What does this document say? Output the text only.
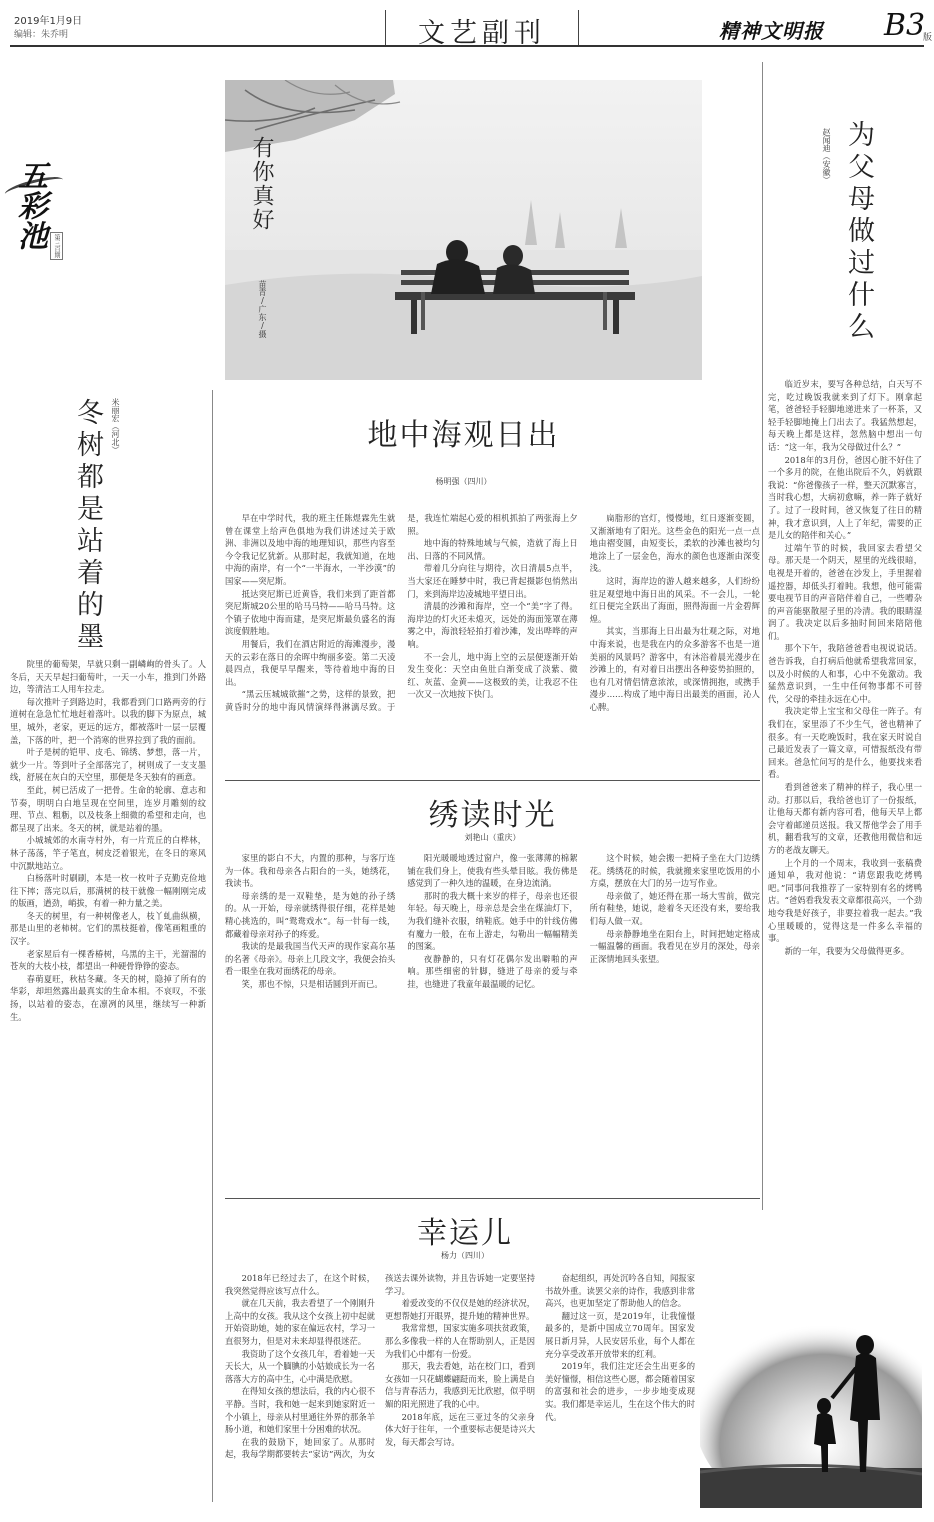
2019年1月9日
编辑：朱乔明	文艺副刊	精神文明报 B3
版
五彩池	第三百期
有你真好
苗青/广东/摄	为父母做过什么
赵闻迪（安徽）

临近岁末，要写各种总结，白天写不完，吃过晚饭我就来到了灯下。刚拿起笔，爸爸轻手轻脚地递进来了一杯茶，又轻手轻脚地掩上门出去了。我猛然想起，每天晚上都是这样，忽然脑中想出一句话：“这一年，我为父母做过什么？”

2018年的3月份，爸因心脏不好住了一个多月的院，在他出院后不久，妈就跟我说：“你爸像孩子一样，整天沉默寡言，当时我心想，大病初愈嘛，养一阵子就好了。过了一段时间，爸又恢复了往日的精神，我才意识到，人上了年纪，需要的正是儿女的陪伴和关心。”

过端午节的时候，我回家去看望父母。那天是一个阴天，屋里的光线很暗，电视是开着的，爸爸在沙发上，手里握着遥控器，却低头打着盹。我想，他可能需要电视节目的声音陪伴着自己，一些嘈杂的声音能驱散屋子里的冷清。我的眼睛湿润了。我决定以后多抽时间回来陪陪他们。

那个下午，我陪爸爸看电视说说话。爸告诉我，自打病后他就希望我常回家，以及小时候的人和事，心中不免激动。我猛然意识到，一生中任何物事都不可替代，父母的牵挂永远在心中。

我决定带上宝宝和父母住一阵子。有我们在，家里添了不少生气，爸也精神了很多。有一天吃晚饭时，我在家天时说自己最近发表了一篇文章，可惜报纸没有带回来。爸急忙问写的是什么，他要找来看看。

看到爸爸来了精神的样子，我心里一动。打那以后，我给爸也订了一份报纸，让他每天都有新内容可看，他每天早上都会守着邮递员送报。我又帮他学会了用手机，翻看我写的文章，还教他用微信和远方的老战友聊天。

上个月的一个周末，我收到一张稿费通知单，我对他说：“请您跟我吃烤鸭吧。”同事问我推荐了一家特别有名的烤鸭店。“爸妈看我发表文章都很高兴，一个劲地夸我是好孩子，非要拉着我一起去。”我心里暖暖的，觉得这是一件多么幸福的事。

新的一年，我要为父母做得更多。

冬树都是站着的墨 米丽宏（河北）

院里的葡萄架，早就只剩一副嶙峋的骨头了。人冬后，天天早起扫葡萄叶，一天一小车，推到门外路边，等清洁工人用车拉走。

每次推叶子到路边时，我都看到门口路两旁的行道树在急急忙忙地赶着落叶。以我的脚下为原点，城里，城外，老家，更远的远方，都被落叶一层一层覆盖，下落的叶，把一个消寒的世界拉到了我的面前。

叶子是树的铠甲、皮毛、锦绣、梦想，落一片，就少一片。等到叶子全部落完了，树则成了一支支墨线，舒展在灰白的天空里，那便是冬天独有的画意。

至此，树已活成了一把骨。生命的轮廓、意志和节奏，明明白白地呈现在空间里，连岁月雕刻的纹理、节点、粗粝，以及枝条上细微的希望和走向，也都呈现了出来。冬天的树，就是站着的墨。

小城城郊的水南寺村外，有一片荒丘的白桦林，林子荡荡，竿子笔直，树皮泛着银光，在冬日的寒风中沉默地站立。

白杨落叶时刷刷，本是一枚一枚叶子克勤克俭地往下摔；落完以后，那满树的枝干就像一幅刚刚完成的版画，遒劲，峭拔，有着一种力量之美。

冬天的树里，有一种树像老人，枝丫虬曲纵横，那是山里的老柿树。它们的黑枝挺着，像笔画粗重的汉字。

老家屋后有一棵香椿树，乌黑的主干，光溜溜的苍灰的大枝小枝，都望出一种硬骨铮铮的姿态。

春萌夏旺，秋枯冬藏。冬天的树，隐掉了所有的华彩，却坦然露出最真实的生命本相。不哀叹，不张扬，以站着的姿态，在凛冽的风里，继续写一种新生。

地中海观日出
杨明强（四川）

早在中学时代，我的班主任陈煜霖先生就曾在课堂上给声色俱地为我们讲述过关于欧洲、非洲以及地中海的地理知识，那些内容至今令我记忆犹新。从那时起，我就知道，在地中海的南岸，有一个“一半海水，一半沙漠”的国家——突尼斯。

抵达突尼斯已近黄昏，我们来到了距首都突尼斯城20公里的哈马马特——哈马马特。这个镇子依地中海而建，是突尼斯最负盛名的海滨度假胜地。

用餐后，我们在酒店附近的海滩漫步，漫天的云彩在落日的余晖中绚丽多姿。第二天凌晨四点，我便早早醒来，等待着地中海的日出。

“黑云压城城欲摧”之势，这样的景致，把黄昏时分的地中海风情演绎得淋漓尽致。于是，我连忙端起心爱的相机抓拍了两张海上夕照。

地中海的特殊地域与气候，造就了海上日出、日落的不同风情。

带着几分向往与期待，次日清晨5点半，当大家还在睡梦中时，我已背起摄影包悄然出门，来到海岸边凌城地平望日出。

清晨的沙滩和海岸，空一个“美”字了得。海岸边的灯火还未熄灭，远处的海面笼罩在薄雾之中，海浪轻轻拍打着沙滩，发出哗哗的声响。

不一会儿，地中海上空的云层便逐渐开始发生变化：天空由鱼肚白渐变成了淡紫、微红、灰蓝、金黄——这极致的美，让我忍不住一次又一次地按下快门。

扁脂形的宫灯，慢慢地，红日逐渐变圆，又渐渐地有了阳光。这些金色的阳光一点一点地由褶变圆，由短变长，柔软的沙滩也被均匀地涂上了一层金色，海水的颜色也逐渐由深变浅。

这时，海岸边的游人越来越多，人们纷纷驻足观望地中海日出的风采。不一会儿，一轮红日便完全跃出了海面，照得海面一片金碧辉煌。

其实，当那海上日出最为壮观之际，对地中海来说，也是我在内的众多游客不也是一道美丽的风景吗？游客中，有沐浴着晨光漫步在沙滩上的，有对着日出摆出各种姿势拍照的，也有几对情侣情意浓浓，或深情拥抱，或携手漫步……构成了地中海日出最美的画面，沁人心脾。

绣读时光
刘艳山（重庆）

家里的影白不大，内置的那种，与客厅连为一体。我和母亲各占阳台的一头，她绣花，我读书。

母亲绣的是一双鞋垫，是为她的孙子绣的。从一开始，母亲就绣得很仔细，花样是她精心挑选的，叫“鸳鸯戏水”。每一针每一线，都藏着母亲对孙子的疼爱。

我读的是最我国当代天声的现作家高尔基的名著《母亲》。母亲上几段文字，我便会抬头看一眼坐在我对面绣花的母亲。

笑，那也不惊，只是相话圆到开而已。

阳光暖暖地透过窗户，像一张薄薄的棉絮铺在我们身上，使我有些头晕目眩。我仿佛是感觉到了一种久违的温暖，在身边流淌。

那时的我大概十来岁的样子，母亲也还很年轻。每天晚上，母亲总是会坐在煤油灯下，为我们缝补衣服，纳鞋底。她手中的针线仿佛有魔力一般，在布上游走，勾勒出一幅幅精美的图案。

夜静静的，只有灯花偶尔发出噼啪的声响。那些细密的针脚，缝进了母亲的爱与牵挂，也缝进了我童年最温暖的记忆。

这个时候，她会搬一把椅子坐在大门边绣花。绣绣花的时候，我就搬来家里吃饭用的小方桌，摆放在大门的另一边写作业。

母亲做了，她还得在那一场大雪前，做完所有鞋垫，她说，趁着冬天还没有来，要给我们每人做一双。

母亲静静地坐在阳台上，时间把她定格成一幅温馨的画面。我看见在岁月的深处，母亲正深情地回头张望。

幸运儿
杨力（四川）

2018年已经过去了，在这个时候，我突然觉得应该写点什么。

就在几天前，我去看望了一个刚刚升上高中的女孩。我从这个女孩上初中起就开始资助她，她的家在偏远农村，学习一直很努力，但是对未来却显得很迷茫。

我资助了这个女孩几年，看着她一天天长大，从一个腼腆的小姑娘成长为一名落落大方的高中生，心中满是欣慰。

在得知女孩的想法后，我的内心很不平静。当时，我和她一起来到她家附近一个小镇上，母亲从村里通往外界的那条羊肠小道，和她们家里十分困难的状况。

在我的鼓励下，她回家了。从那时起，我每学期都要转去“家访”两次，为女孩送去课外读物，并且告诉她一定要坚持学习。

着爱改变的不仅仅是她的经济状况，更想帮她打开眼界，提升她的精神世界。

我常常想，国家实施多项扶贫政策，那么多像我一样的人在帮助别人，正是因为我们心中都有一份爱。

那天，我去看她，站在校门口，看到女孩如一只花蝴蝶翩跹而来，脸上满是自信与青春活力，我感到无比欣慰，似乎明媚的阳光照进了我的心中。

2018年底，远在三亚过冬的父亲身体大好于往年，一个重要标志便是诗兴大发，每天都会写诗。

奋起组织，再处沉吟各自知，闻报家书故外重。读罢父亲的诗作，我感到非常高兴，也更加坚定了帮助他人的信念。

翻过这一页，是2019年，让我憧憬最多的，是新中国成立70周年。国家发展日新月异，人民安居乐业，每个人都在充分享受改革开放带来的红利。

2019年，我们注定还会生出更多的美好憧憬，相信这些心愿，都会随着国家的富强和社会的进步，一步步地变成现实。我们都是幸运儿，生在这个伟大的时代。
